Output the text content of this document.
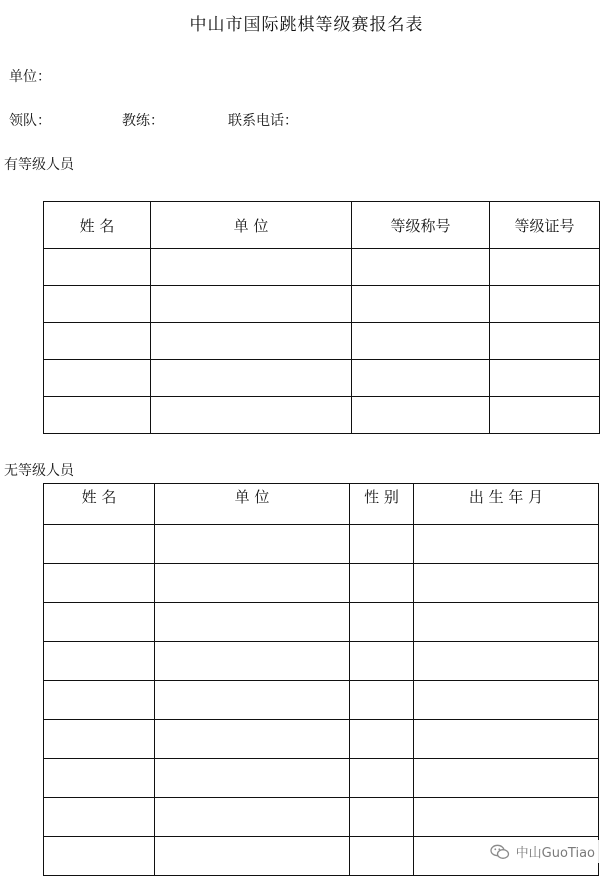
中山市国际跳棋等级赛报名表
单位：
领队：	教练：	联系电话：
有等级人员
姓 名	单 位	等级称号	等级证号

无等级人员
姓 名	单 位	性 别	出 生 年 月

中山GuoTiao
